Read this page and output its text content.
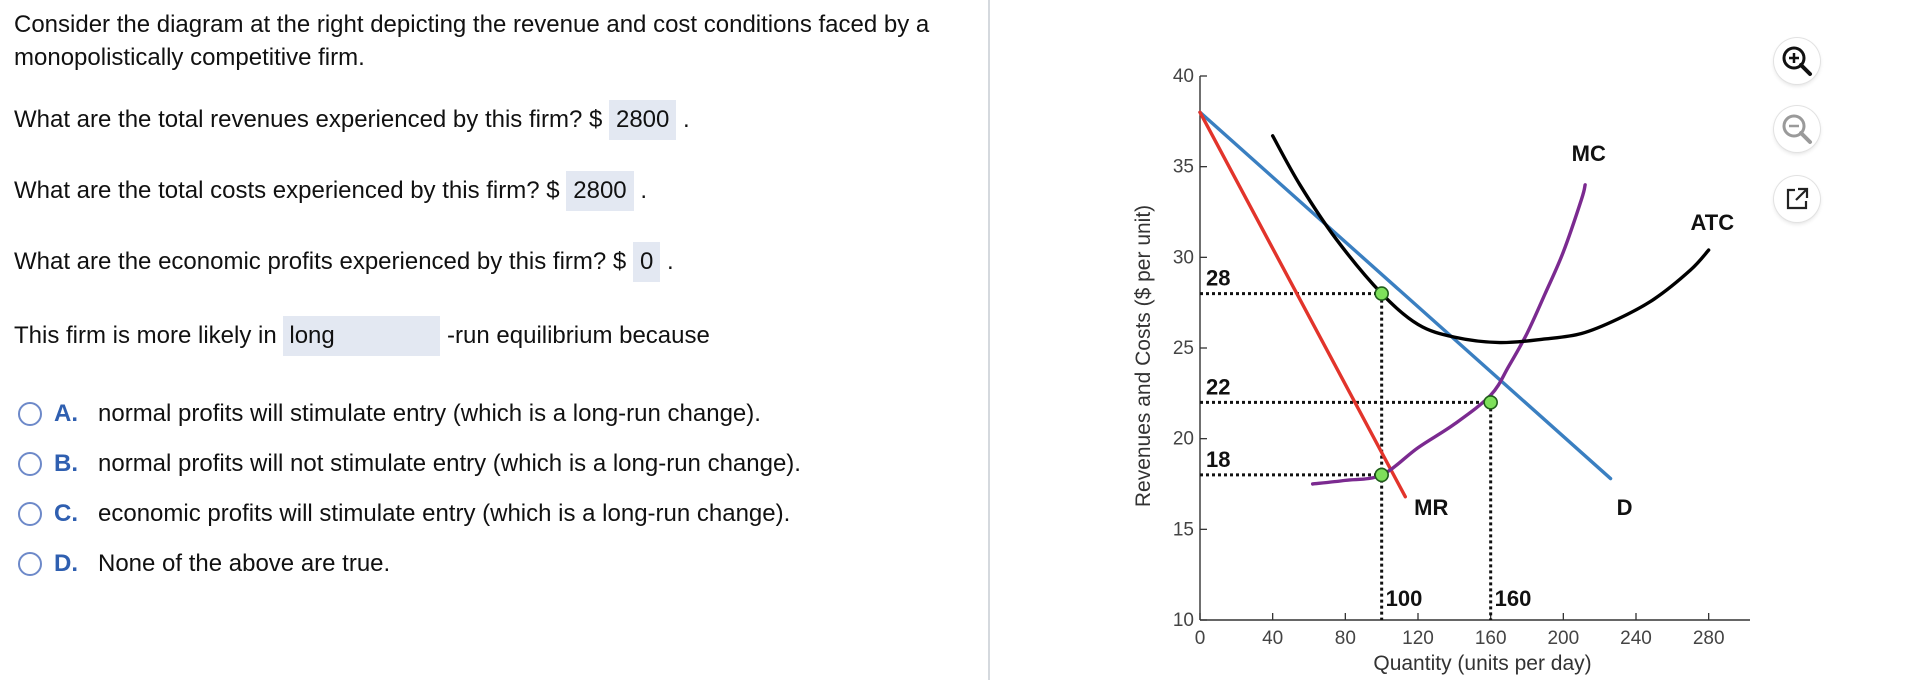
Consider the diagram at the right depicting the revenue and cost conditions faced by a monopolistically competitive firm.
What are the total revenues experienced by this firm? $ 2800 .
What are the total costs experienced by this firm? $ 2800 .
What are the economic profits experienced by this firm? $ 0 .
This firm is more likely in long	-run equilibrium because
A. normal profits will stimulate entry (which is a long-run change).
B. normal profits will not stimulate entry (which is a long-run change).
C. economic profits will stimulate entry (which is a long-run change).
D. None of the above are true.
0	40	80 120 160 200 240 280
10
15
20
25
30
35
40
Quantity (units per day)
Revenues and Costs ($ per unit)
MC
ATC
MR	D
28
22
18
100	160
